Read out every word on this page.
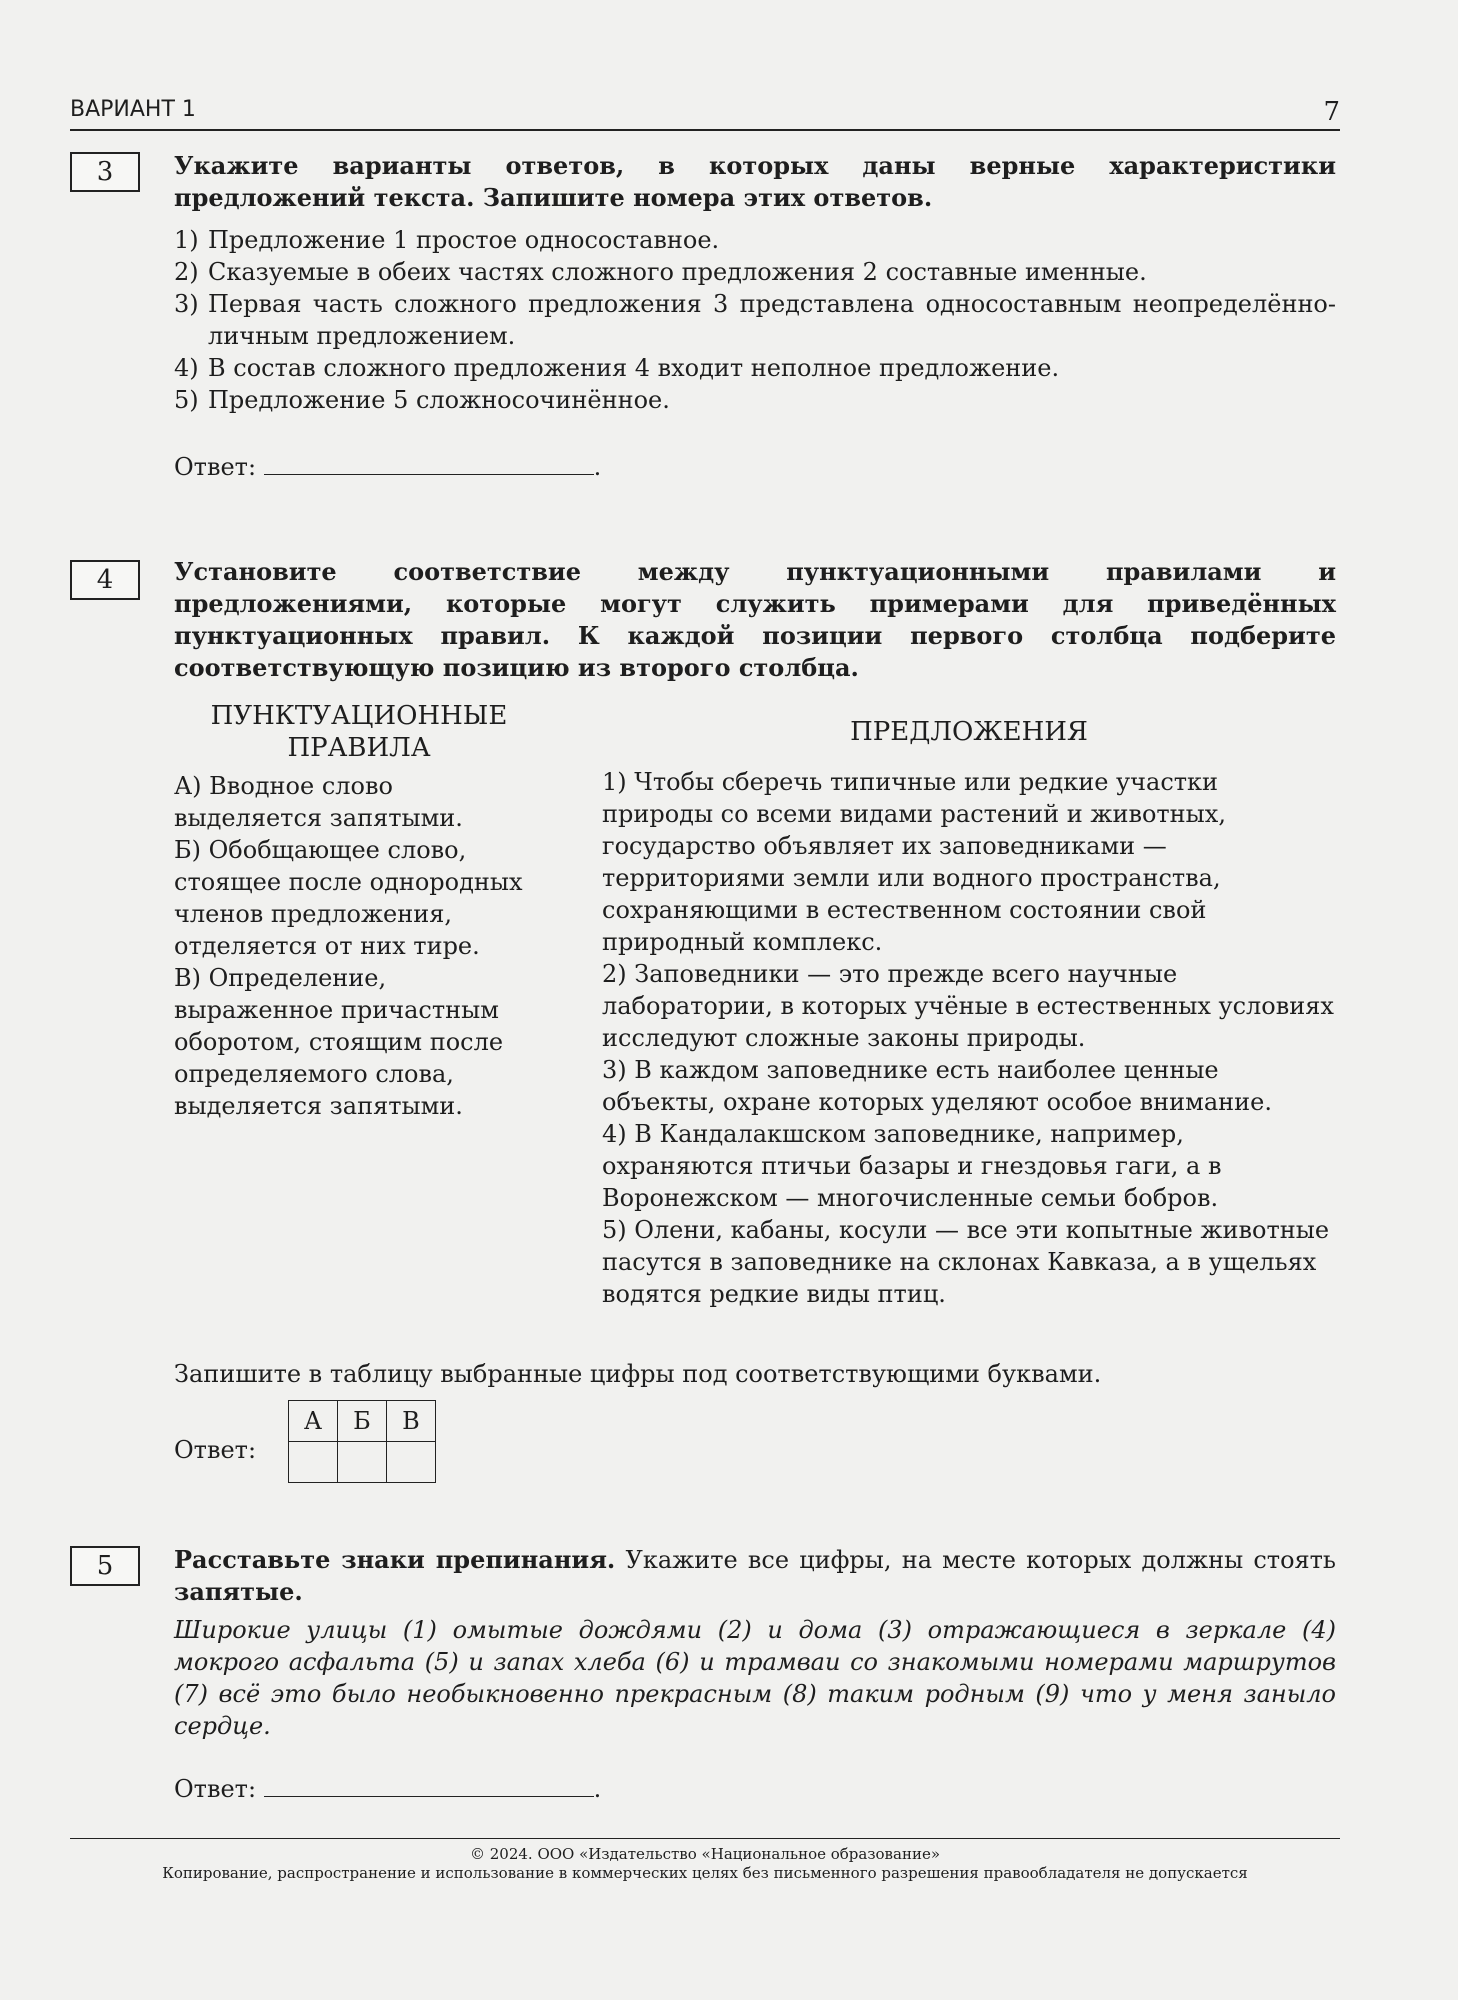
ВАРИАНТ 1	7
3	Укажите варианты ответов, в которых даны верные характеристики предложений текста. Запишите номера этих ответов.

1) Предложение 1 простое односоставное.
2) Сказуемые в обеих частях сложного предложения 2 составные именные.
3) Первая часть сложного предложения 3 представлена односоставным неопределённо-личным предложением.
4) В состав сложного предложения 4 входит неполное предложение.
5) Предложение 5 сложносочинённое.
Ответ:	.
4	Установите соответствие между пунктуационными правилами и предложениями, которые могут служить примерами для приведённых пунктуационных правил. К каждой позиции первого столбца подберите соответствующую позицию из второго столбца.

ПУНКТУАЦИОННЫЕ
ПРАВИЛА

А) Вводное слово выделяется запятыми.

Б) Обобщающее слово, стоящее после однородных членов предложения, отделяется от них тире.

В) Определение, выраженное причастным оборотом, стоящим после определяемого слова, выделяется запятыми.

ПРЕДЛОЖЕНИЯ

1) Чтобы сберечь типичные или редкие участки природы со всеми видами растений и животных, государство объявляет их заповедниками — территориями земли или водного пространства, сохраняющими в естественном состоянии свой природный комплекс.

2) Заповедники — это прежде всего научные лаборатории, в которых учёные в естественных условиях исследуют сложные законы природы.

3) В каждом заповеднике есть наиболее ценные объекты, охране которых уделяют особое внимание.

4) В Кандалакшском заповеднике, например, охраняются птичьи базары и гнездовья гаги, а в Воронежском — многочисленные семьи бобров.

5) Олени, кабаны, косули — все эти копытные животные пасутся в заповеднике на склонах Кавказа, а в ущельях водятся редкие виды птиц.

Запишите в таблицу выбранные цифры под соответствующими буквами.

Ответ:
А	Б	В

5	Расставьте знаки препинания. Укажите все цифры, на месте которых должны стоять запятые.

Широкие улицы (1) омытые дождями (2) и дома (3) отражающиеся в зеркале (4) мокрого асфальта (5) и запах хлеба (6) и трамваи со знакомыми номерами маршрутов (7) всё это было необыкновенно прекрасным (8) таким родным (9) что у меня заныло сердце.

Ответ:	.
© 2024. ООО «Издательство «Национальное образование»
Копирование, распространение и использование в коммерческих целях без письменного разрешения правообладателя не допускается
